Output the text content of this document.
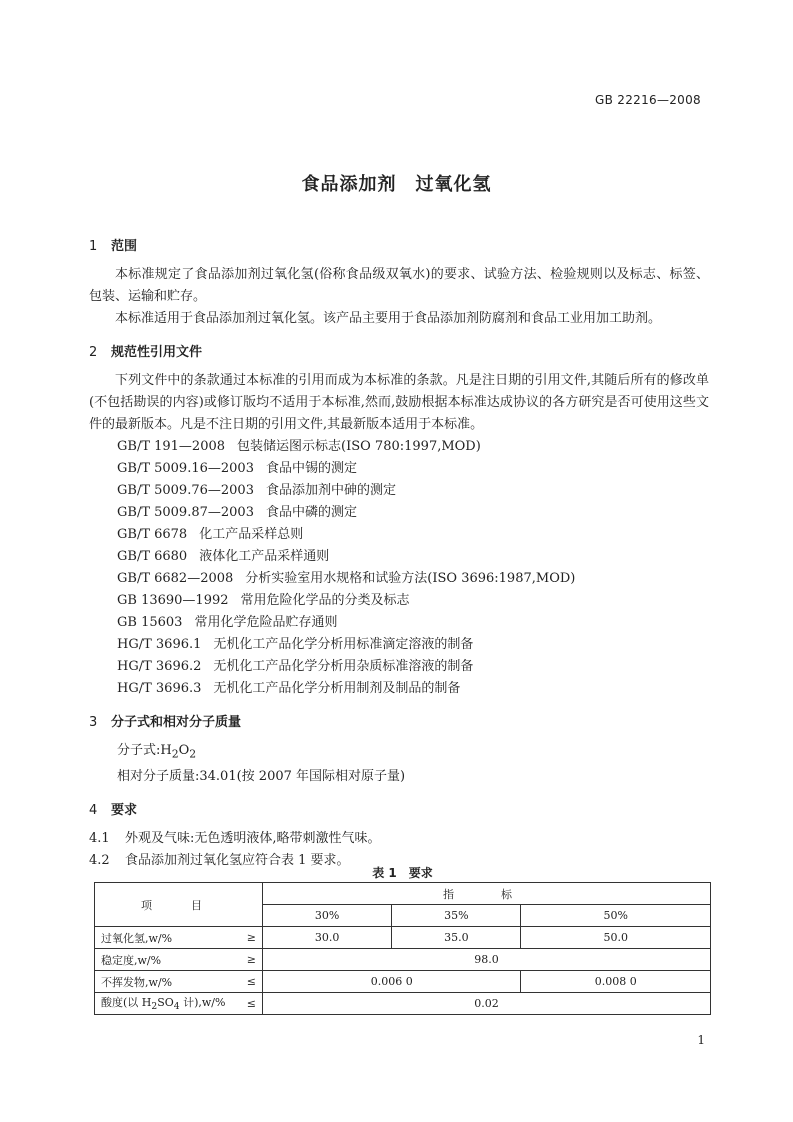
GB 22216—2008
食品添加剂　过氧化氢

1 范围

本标准规定了食品添加剂过氧化氢(俗称食品级双氧水)的要求、试验方法、检验规则以及标志、标签、包装、运输和贮存。

本标准适用于食品添加剂过氧化氢。该产品主要用于食品添加剂防腐剂和食品工业用加工助剂。

2 规范性引用文件

下列文件中的条款通过本标准的引用而成为本标准的条款。凡是注日期的引用文件,其随后所有的修改单(不包括勘误的内容)或修订版均不适用于本标准,然而,鼓励根据本标准达成协议的各方研究是否可使用这些文件的最新版本。凡是不注日期的引用文件,其最新版本适用于本标准。

GB/T 191—2008 包装储运图示标志(ISO 780:1997,MOD)

GB/T 5009.16—2003 食品中锡的测定

GB/T 5009.76—2003 食品添加剂中砷的测定

GB/T 5009.87—2003 食品中磷的测定

GB/T 6678 化工产品采样总则

GB/T 6680 液体化工产品采样通则

GB/T 6682—2008 分析实验室用水规格和试验方法(ISO 3696:1987,MOD)

GB 13690—1992 常用危险化学品的分类及标志

GB 15603 常用化学危险品贮存通则

HG/T 3696.1 无机化工产品化学分析用标准滴定溶液的制备

HG/T 3696.2 无机化工产品化学分析用杂质标准溶液的制备

HG/T 3696.3 无机化工产品化学分析用制剂及制品的制备

3 分子式和相对分子质量

分子式$:H_2O_2$

相对分子质量:34.01(按 2007 年国际相对原子量)

4 要求

4.1 外观及气味:无色透明液体,略带刺激性气味。

4.2 食品添加剂过氧化氢应符合表 1 要求。

表 1　要求

项　目	指　标		
	30%	35%	50%

过氧化氢,w/% ≥	30.0	35.0	50.0

稳定度,w/% ≥	98.0		

不挥发物,w/% ≤	0.006 0		0.008 0

酸度(以 $H_2SO_4$ 计),w/% ≤	0.02		
1
